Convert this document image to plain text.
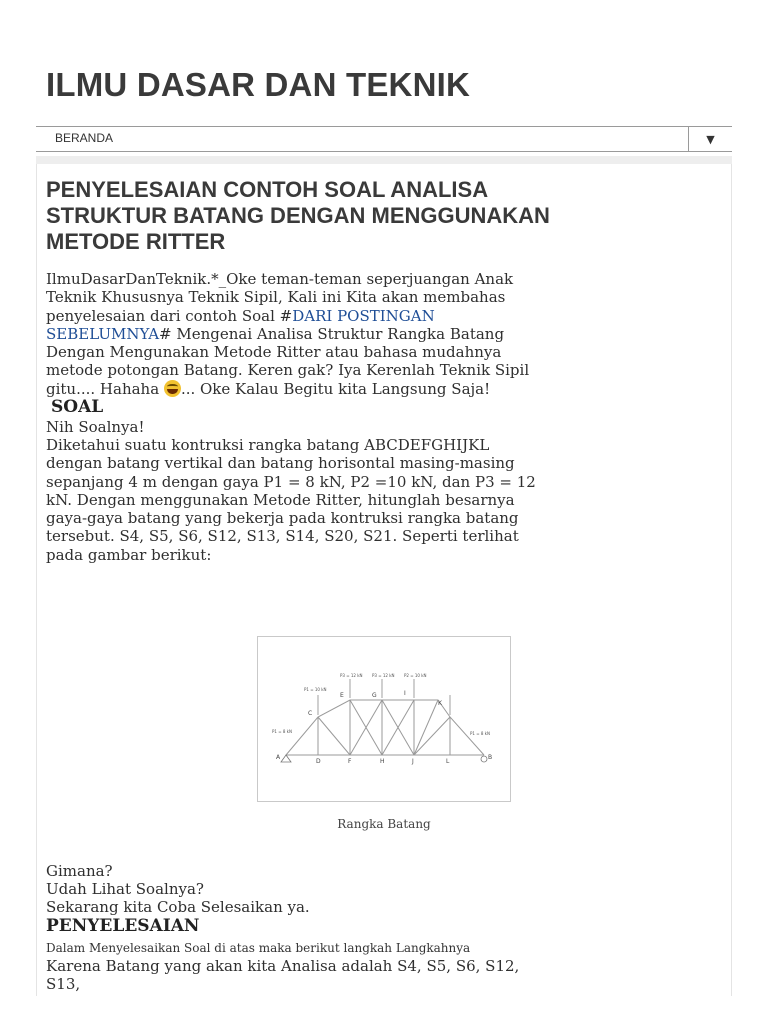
ILMU DASAR DAN TEKNIK
BERANDA	▼
PENYELESAIAN CONTOH SOAL ANALISA STRUKTUR BATANG DENGAN MENGGUNAKAN METODE RITTER

IlmuDasarDanTeknik.*_Oke teman-teman seperjuangan Anak Teknik Khususnya Teknik Sipil, Kali ini Kita akan membahas penyelesaian dari contoh Soal #DARI POSTINGAN SEBELUMNYA# Mengenai Analisa Struktur Rangka Batang Dengan Mengunakan Metode Ritter atau bahasa mudahnya metode potongan Batang. Keren gak? Iya Kerenlah Teknik Sipil gitu.... Hahaha ... Oke Kalau Begitu kita Langsung Saja!

SOAL

Nih Soalnya!

Diketahui suatu kontruksi rangka batang ABCDEFGHIJKL dengan batang vertikal dan batang horisontal masing-masing sepanjang 4 m dengan gaya P1 = 8 kN, P2 =10 kN, dan P3 = 12 kN. Dengan menggunakan Metode Ritter, hitunglah besarnya gaya-gaya batang yang bekerja pada kontruksi rangka batang tersebut. S4, S5, S6, S12, S13, S14, S20, S21. Seperti terlihat pada gambar berikut:

A	B
C
D
E
F
G
H
I
J
K
L
P1 = 8 kN
P1 = 10 kN
P3 = 12 kN P3 = 12 kN P2 = 10 kN
P1 = 8 kN
Rangka Batang

Gimana?

Udah Lihat Soalnya?

Sekarang kita Coba Selesaikan ya.

PENYELESAIAN

Dalam Menyelesaikan Soal di atas maka berikut langkah Langkahnya

Karena Batang yang akan kita Analisa adalah S4, S5, S6, S12, S13,
